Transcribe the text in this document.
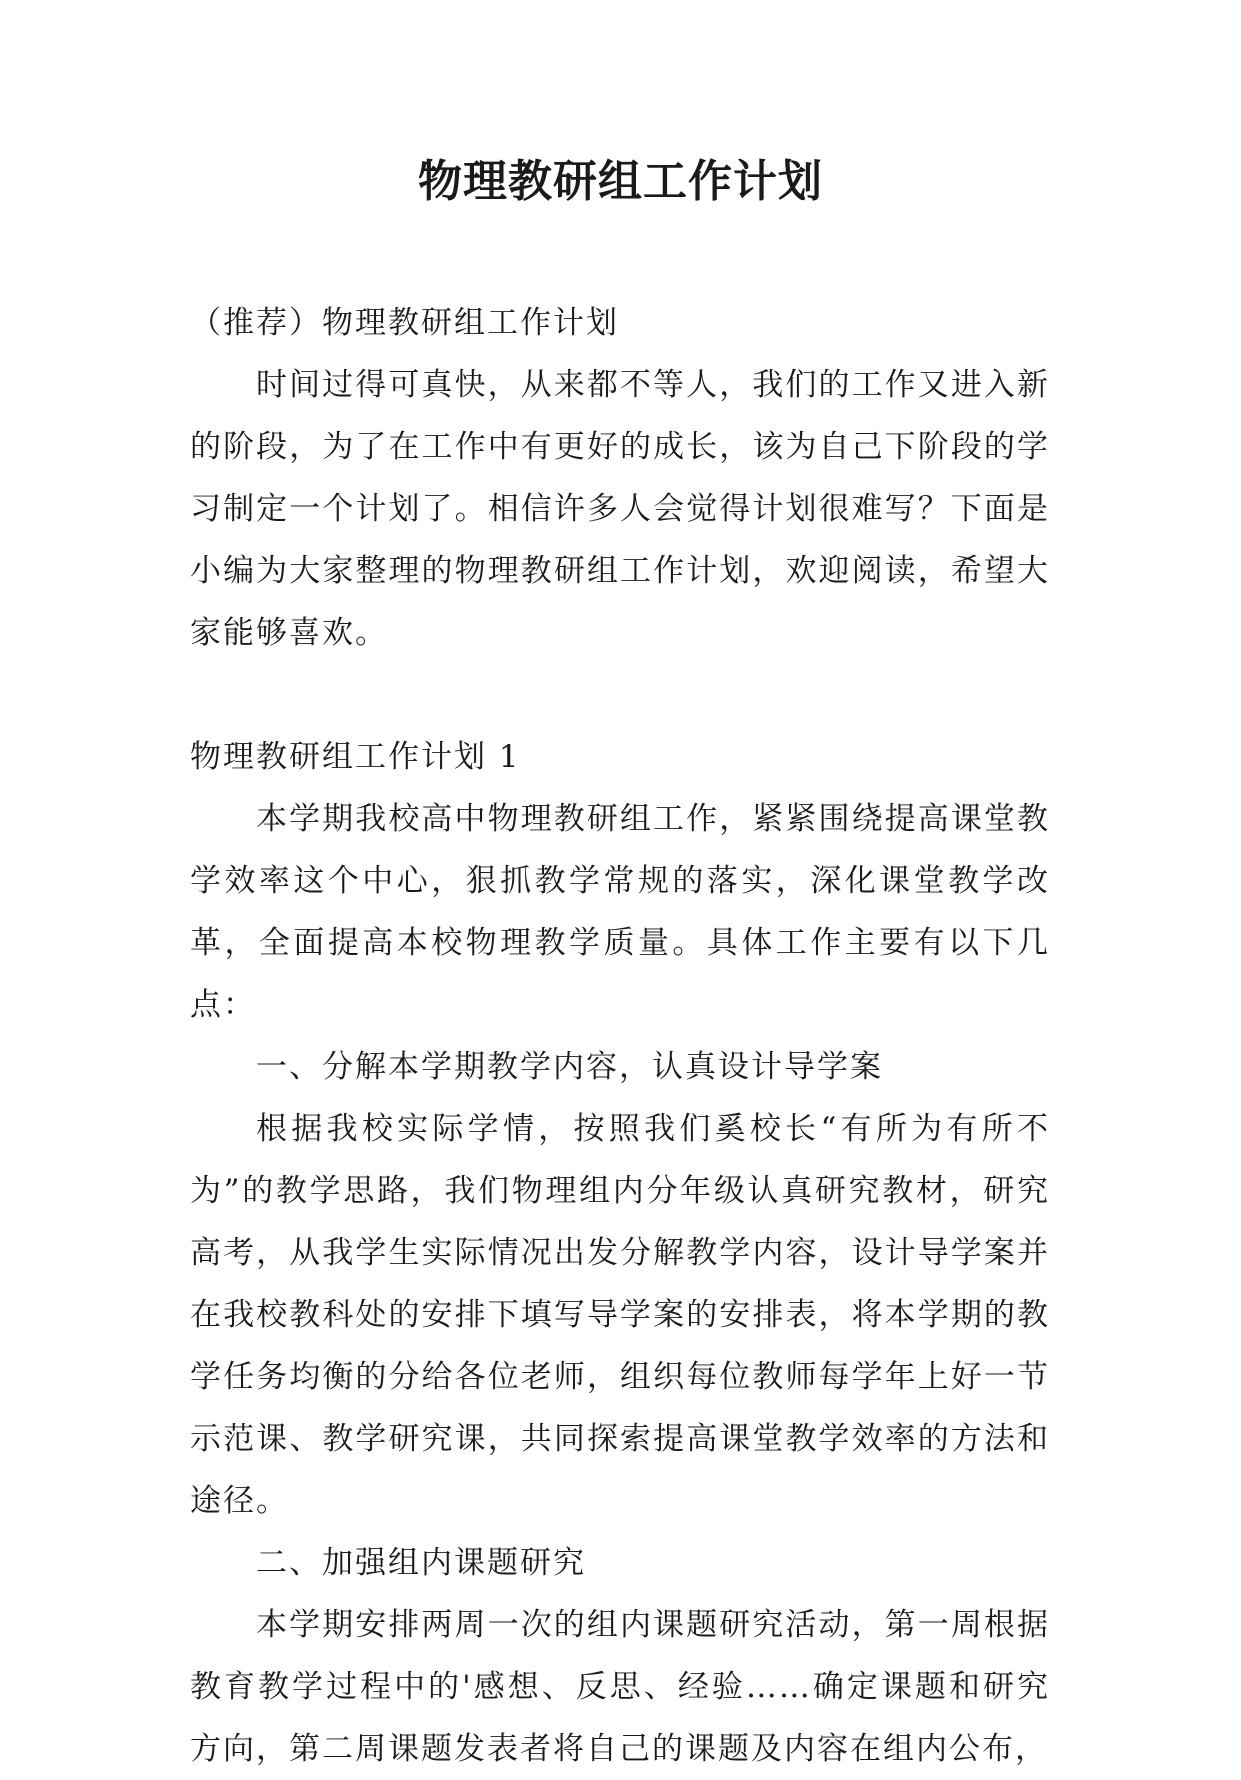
物理教研组工作计划

（推荐）物理教研组工作计划

时间过得可真快，从来都不等人，我们的工作又进入新的阶段，为了在工作中有更好的成长，该为自己下阶段的学习制定一个计划了。相信许多人会觉得计划很难写？下面是小编为大家整理的物理教研组工作计划，欢迎阅读，希望大家能够喜欢。

物理教研组工作计划 1

本学期我校高中物理教研组工作，紧紧围绕提高课堂教学效率这个中心，狠抓教学常规的落实，深化课堂教学改革，全面提高本校物理教学质量。具体工作主要有以下几点：

一、分解本学期教学内容，认真设计导学案

根据我校实际学情，按照我们奚校长“有所为有所不为”的教学思路，我们物理组内分年级认真研究教材，研究高考，从我学生实际情况出发分解教学内容，设计导学案并在我校教科处的安排下填写导学案的安排表，将本学期的教学任务均衡的分给各位老师，组织每位教师每学年上好一节示范课、教学研究课，共同探索提高课堂教学效率的方法和途径。

二、加强组内课题研究

本学期安排两周一次的组内课题研究活动，第一周根据教育教学过程中的'感想、反思、经验……确定课题和研究方向，第二周课题发表者将自己的课题及内容在组内公布，
